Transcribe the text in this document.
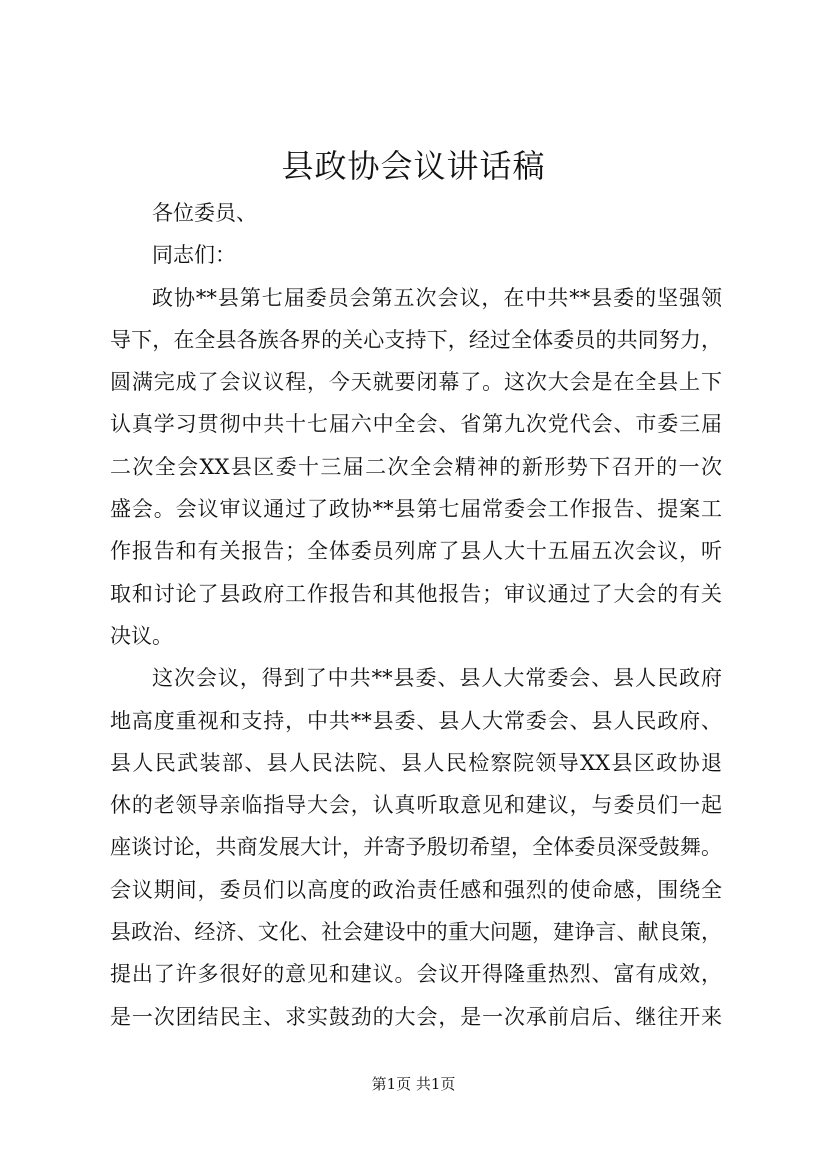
县政协会议讲话稿
各位委员、
同志们：
政协**县第七届委员会第五次会议，在中共**县委的坚强领
导下，在全县各族各界的关心支持下，经过全体委员的共同努力，
圆满完成了会议议程，今天就要闭幕了。这次大会是在全县上下
认真学习贯彻中共十七届六中全会、省第九次党代会、市委三届
二次全会XX县区委十三届二次全会精神的新形势下召开的一次
盛会。会议审议通过了政协**县第七届常委会工作报告、提案工
作报告和有关报告；全体委员列席了县人大十五届五次会议，听
取和讨论了县政府工作报告和其他报告；审议通过了大会的有关
决议。
这次会议，得到了中共**县委、县人大常委会、县人民政府
地高度重视和支持，中共**县委、县人大常委会、县人民政府、
县人民武装部、县人民法院、县人民检察院领导XX县区政协退
休的老领导亲临指导大会，认真听取意见和建议，与委员们一起
座谈讨论，共商发展大计，并寄予殷切希望，全体委员深受鼓舞。
会议期间，委员们以高度的政治责任感和强烈的使命感，围绕全
县政治、经济、文化、社会建设中的重大问题，建诤言、献良策，
提出了许多很好的意见和建议。会议开得隆重热烈、富有成效，
是一次团结民主、求实鼓劲的大会，是一次承前启后、继往开来
第1页 共1页
